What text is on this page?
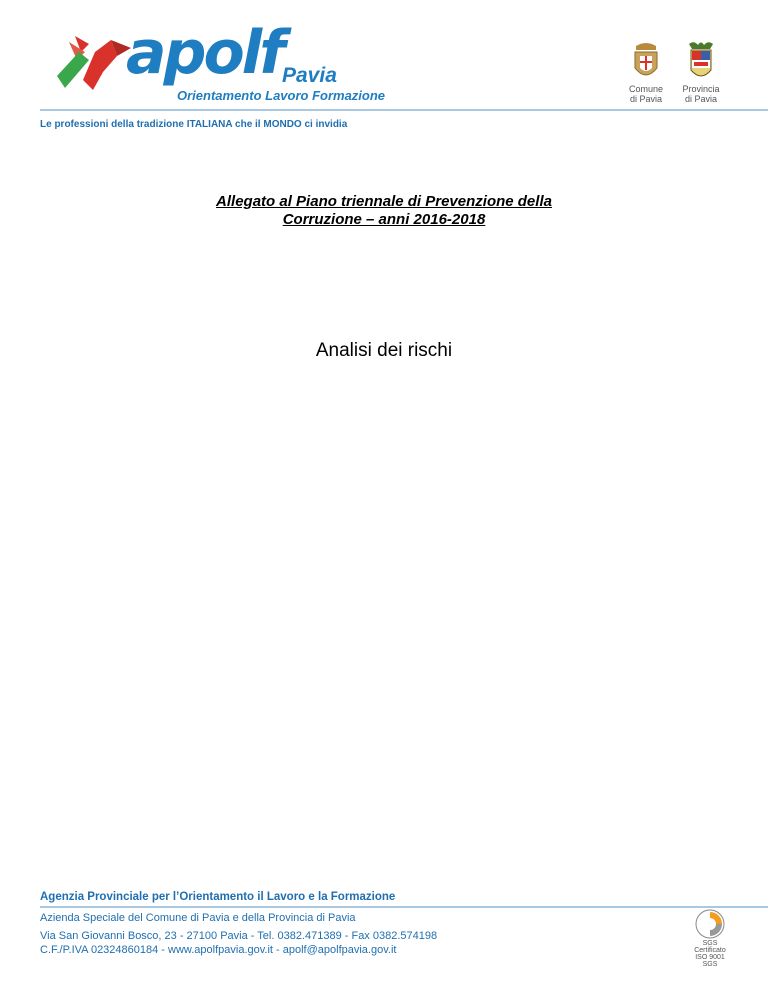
apolf Pavia
Orientamento Lavoro Formazione	Comune
di Pavia
Provincia
di Pavia
Le professioni della tradizione ITALIANA che il MONDO ci invidia
Allegato al Piano triennale di Prevenzione della
Corruzione – anni 2016-2018
Analisi dei rischi
Agenzia Provinciale per l’Orientamento il Lavoro e la Formazione
Azienda Speciale del Comune di Pavia e della Provincia di Pavia
Via San Giovanni Bosco, 23 - 27100 Pavia - Tel. 0382.471389 - Fax 0382.574198
C.F./P.IVA 02324860184 - www.apolfpavia.gov.it - apolf@apolfpavia.gov.it
SGS
Certificato
ISO 9001
SGS
